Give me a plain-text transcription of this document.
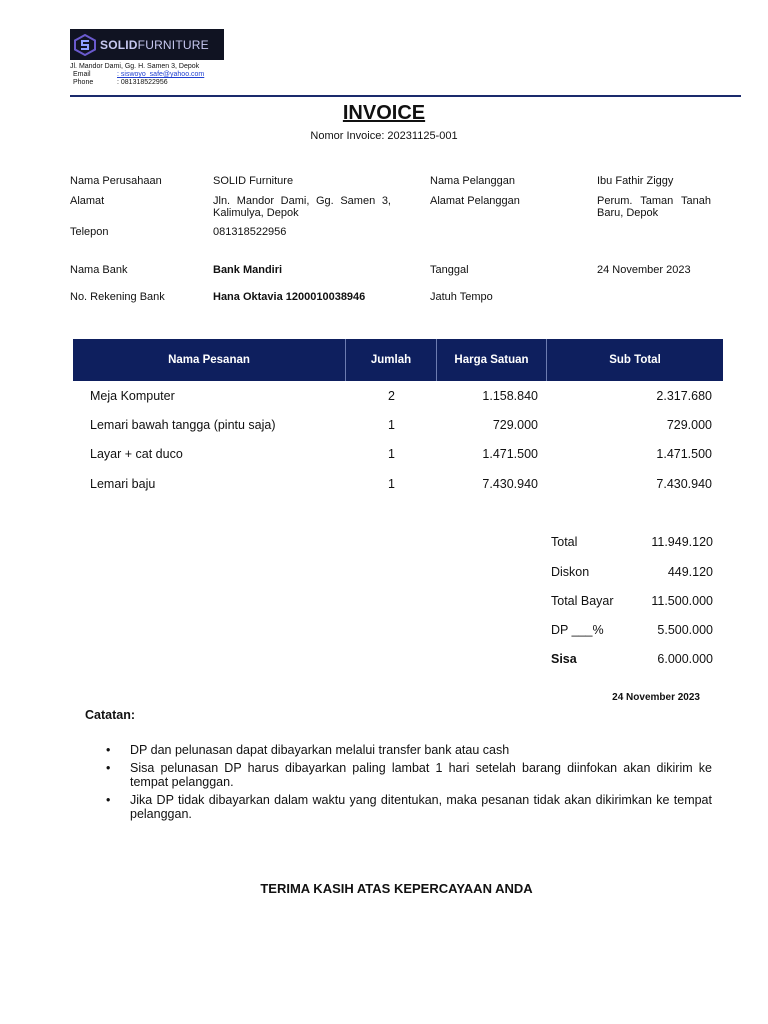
SOLIDFURNITURE
Jl. Mandor Dami, Gg. H. Samen 3, Depok
Email	: siswoyo_safe@yahoo.com
Phone	: 081318522956
INVOICE
Nomor Invoice: 20231125-001
Nama Perusahaan	SOLID Furniture
Alamat	Jln. Mandor Dami, Gg. Samen 3, Kalimulya, Depok
Telepon	081318522956
Nama Bank	Bank Mandiri
No. Rekening Bank	Hana Oktavia 1200010038946
Nama Pelanggan	Ibu Fathir Ziggy
Alamat Pelanggan	Perum. Taman Tanah Baru, Depok
Tanggal	24 November 2023
Jatuh Tempo
Nama Pesanan	Jumlah	Harga Satuan	Sub Total
Meja Komputer	2	1.158.840	2.317.680
Lemari bawah tangga (pintu saja)	1	729.000	729.000
Layar + cat duco	1	1.471.500	1.471.500
Lemari baju	1	7.430.940	7.430.940
Total	11.949.120
Diskon	449.120
Total Bayar	11.500.000
DP ___%	5.500.000
Sisa	6.000.000
24 November 2023
Catatan:
• DP dan pelunasan dapat dibayarkan melalui transfer bank atau cash
• Sisa pelunasan DP harus dibayarkan paling lambat 1 hari setelah barang diinfokan akan dikirim ke tempat pelanggan.
• Jika DP tidak dibayarkan dalam waktu yang ditentukan, maka pesanan tidak akan dikirimkan ke tempat pelanggan.
TERIMA KASIH ATAS KEPERCAYAAN ANDA
